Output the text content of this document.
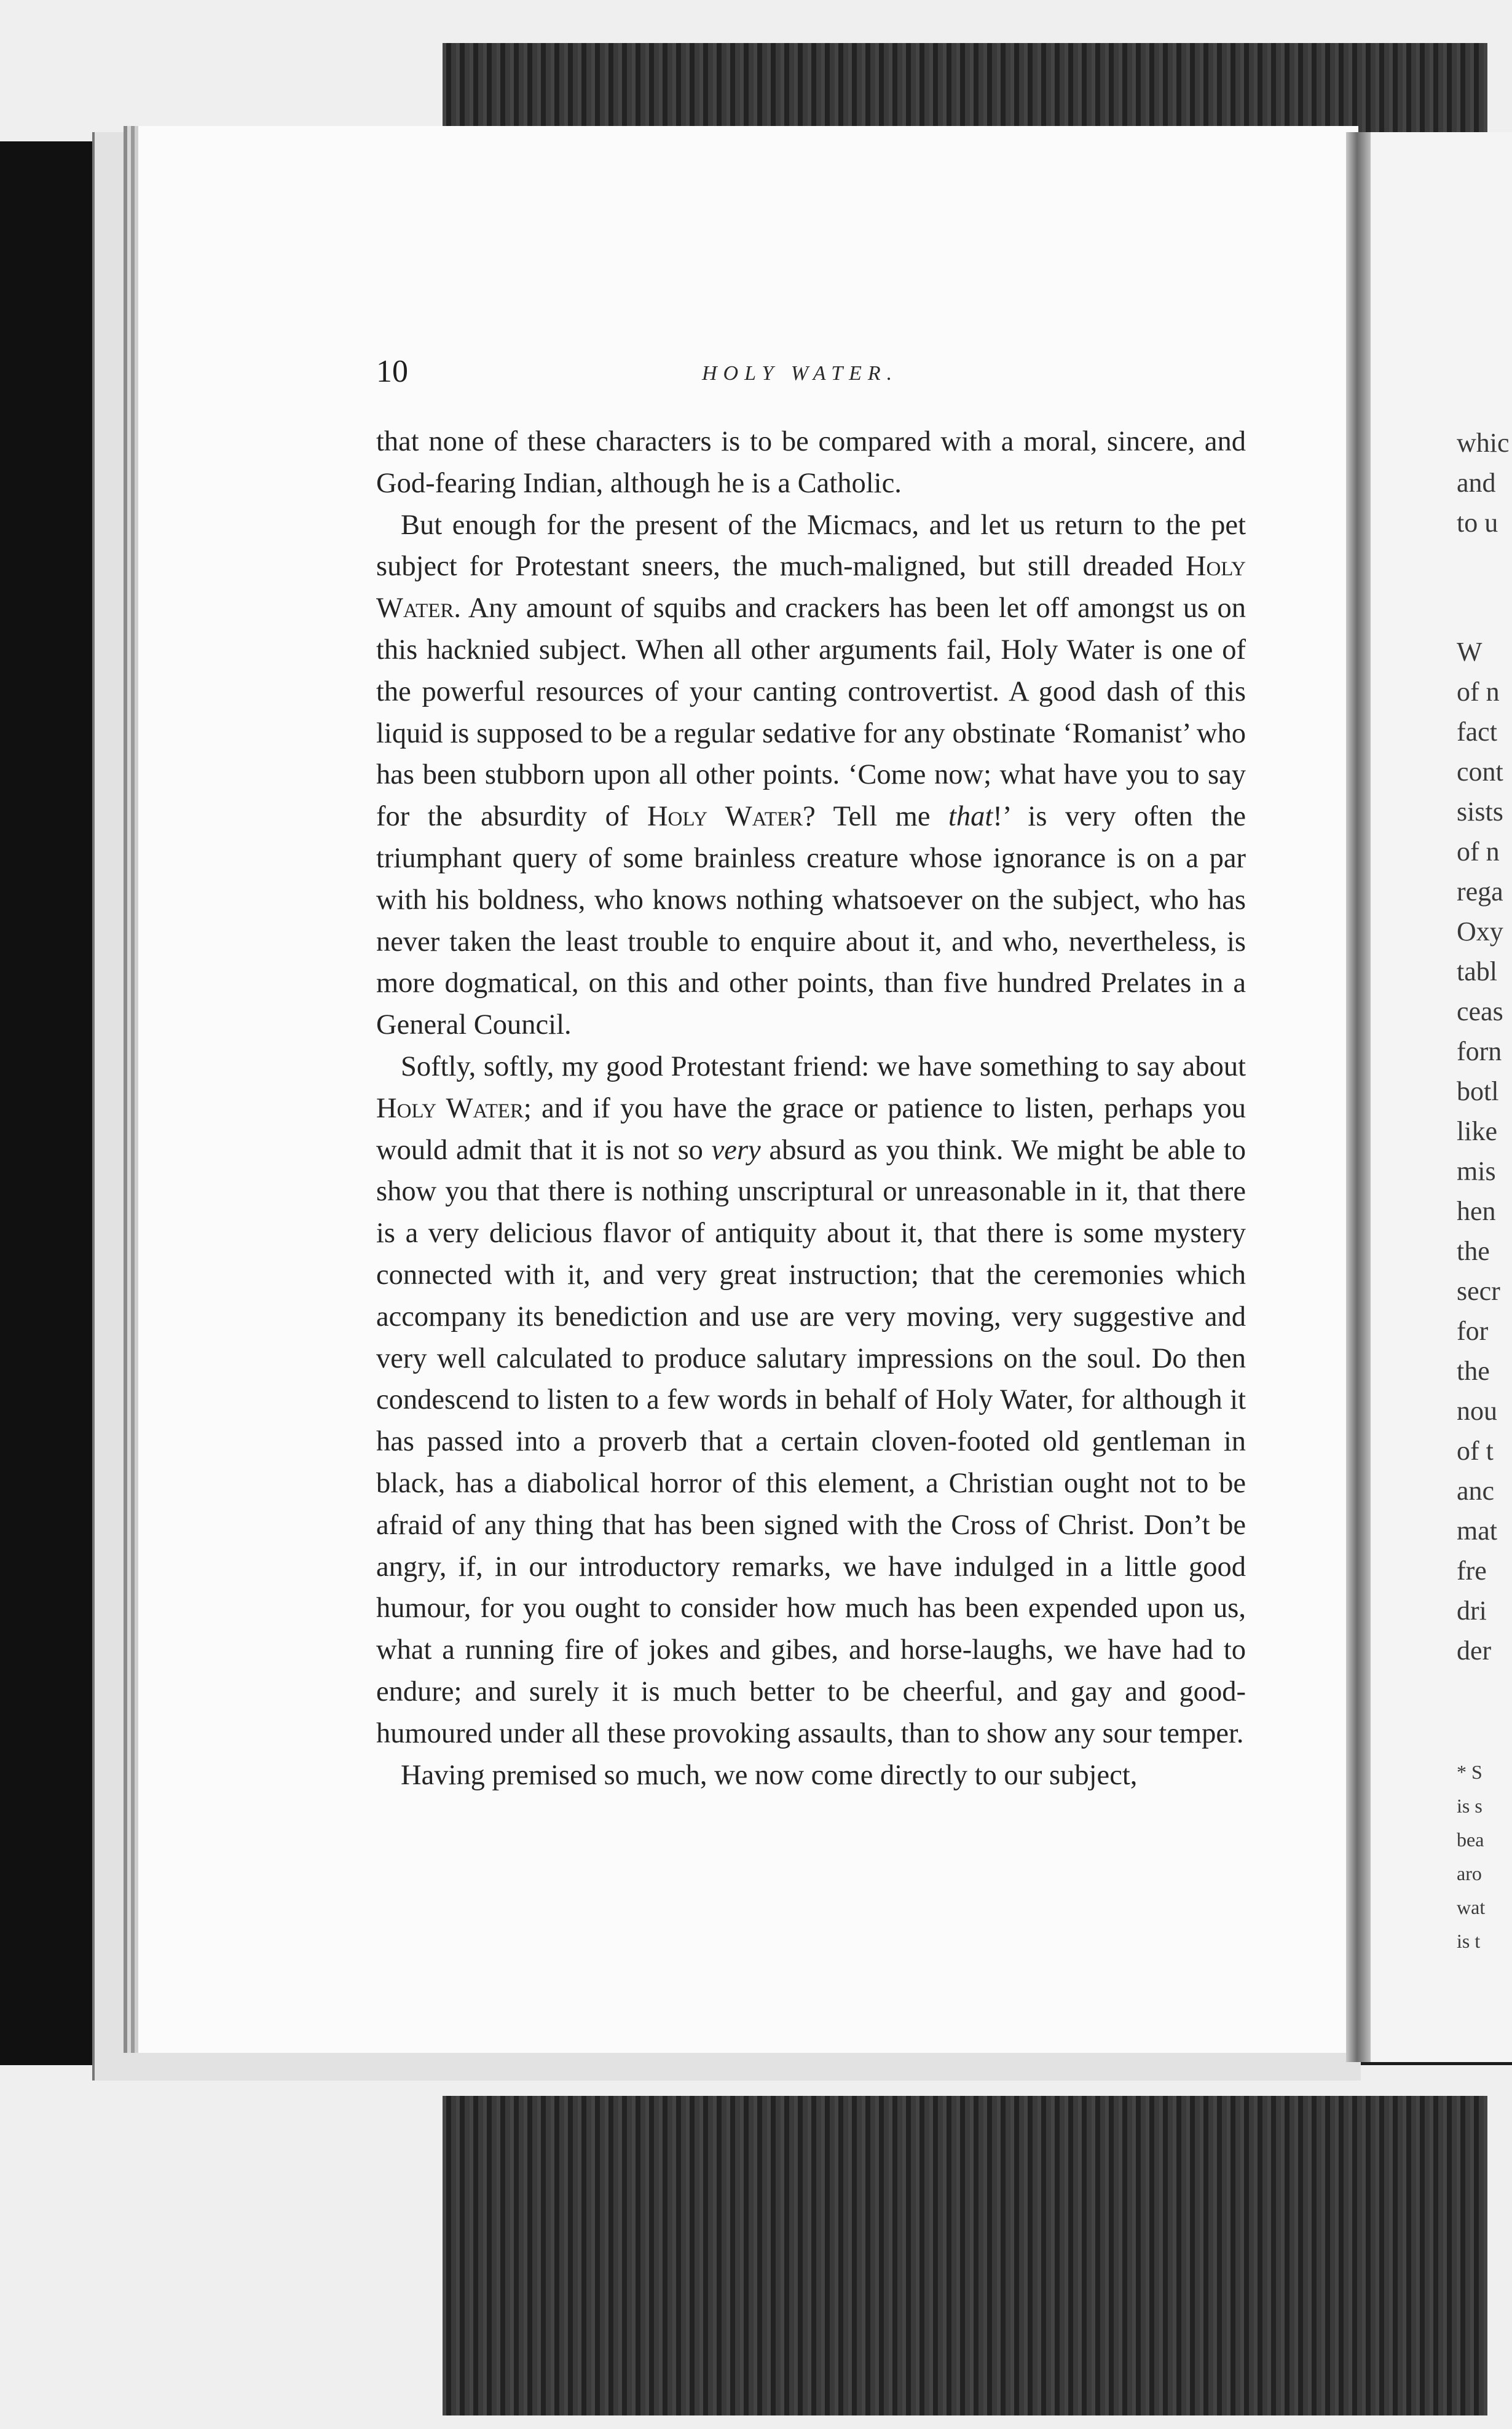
whic
and
to u
W
of n
fact
cont
sists
of n
rega
Oxy
tabl
ceas
forn
botl
like
mis
hen
the
secr
for
the
nou
of t
anc
mat
fre
dri
der
* S
is s
bea
aro
wat
is t
10	HOLY WATER.

that none of these characters is to be compared with a moral, sincere, and God-fearing Indian, although he is a Catholic.

But enough for the present of the Micmacs, and let us return to the pet subject for Protestant sneers, the much-maligned, but still dreaded Holy Water. Any amount of squibs and crackers has been let off amongst us on this hacknied subject. When all other arguments fail, Holy Water is one of the powerful resources of your canting controvertist. A good dash of this liquid is supposed to be a regular sedative for any obstinate ‘Romanist’ who has been stubborn upon all other points. ‘Come now; what have you to say for the absurdity of Holy Water? Tell me that!’ is very often the triumphant query of some brainless creature whose ignorance is on a par with his boldness, who knows nothing whatsoever on the subject, who has never taken the least trouble to enquire about it, and who, nevertheless, is more dogmatical, on this and other points, than five hundred Prelates in a General Council.

Softly, softly, my good Protestant friend: we have something to say about Holy Water; and if you have the grace or patience to listen, perhaps you would admit that it is not so very absurd as you think. We might be able to show you that there is nothing unscriptural or unreasonable in it, that there is a very delicious flavor of antiquity about it, that there is some mystery connected with it, and very great instruction; that the ceremonies which accompany its benediction and use are very moving, very suggestive and very well calculated to produce salutary impressions on the soul. Do then condescend to listen to a few words in behalf of Holy Water, for although it has passed into a proverb that a certain cloven-footed old gentleman in black, has a diabolical horror of this element, a Christian ought not to be afraid of any thing that has been signed with the Cross of Christ. Don’t be angry, if, in our introductory remarks, we have indulged in a little good humour, for you ought to consider how much has been expended upon us, what a running fire of jokes and gibes, and horse-laughs, we have had to endure; and surely it is much better to be cheerful, and gay and good-humoured under all these provoking assaults, than to show any sour temper.

Having premised so much, we now come directly to our subject,
